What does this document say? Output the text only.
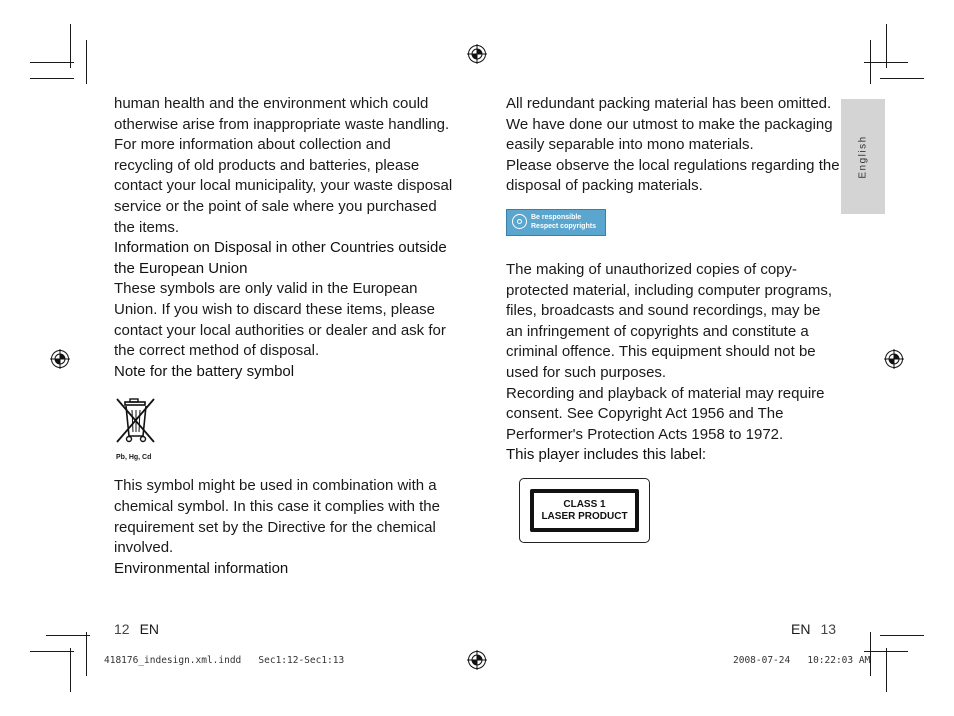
human health and the environment which could otherwise arise from inappropriate waste handling. For more information about collection and recycling of old products and batteries, please contact your local municipality, your waste disposal service or the point of sale where you purchased the items.

Information on Disposal in other Countries outside the European Union

These symbols are only valid in the European Union. If you wish to discard these items, please contact your local authorities or dealer and ask for the correct method of disposal.

Note for the battery symbol

Pb, Hg, Cd

This symbol might be used in combination with a chemical symbol. In this case it complies with the requirement set by the Directive for the chemical involved.

Environmental information

All redundant packing material has been omitted. We have done our utmost to make the packaging easily separable into mono materials.

Please observe the local regulations regarding the disposal of packing materials.

Be responsible
Respect copyrights

The making of unauthorized copies of copy-protected material, including computer programs, files, broadcasts and sound recordings, may be an infringement of copyrights and constitute a criminal offence. This equipment should not be used for such purposes.

Recording and playback of material may require consent. See Copyright Act 1956 and The Performer's Protection Acts 1958 to 1972.

This player includes this label:

English
CLASS 1
LASER PRODUCT
12 EN	EN 13
418176_indesign.xml.indd   Sec1:12-Sec1:13	2008-07-24   10:22:03 AM
